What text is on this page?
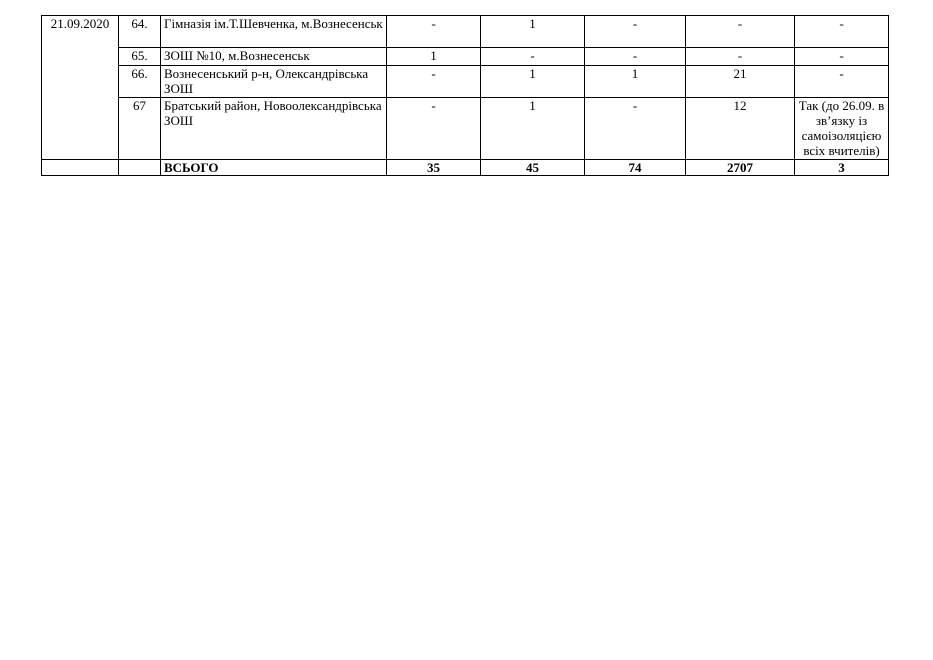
21.09.2020	64.	Гімназія ім.Т.Шевченка, м.Вознесенськ	-	1	-	-	-
	65.	ЗОШ №10, м.Вознесенськ	1	-	-	-	-
	66.	Вознесенський р-н, Олександрівська ЗОШ	-	1	1	21	-
	67	Братський район, Новоолександрівська ЗОШ	-	1	-	12	Так (до 26.09. в зв’язку із самоізоляцією всіх вчителів)
		ВСЬОГО	35	45	74	2707	3
